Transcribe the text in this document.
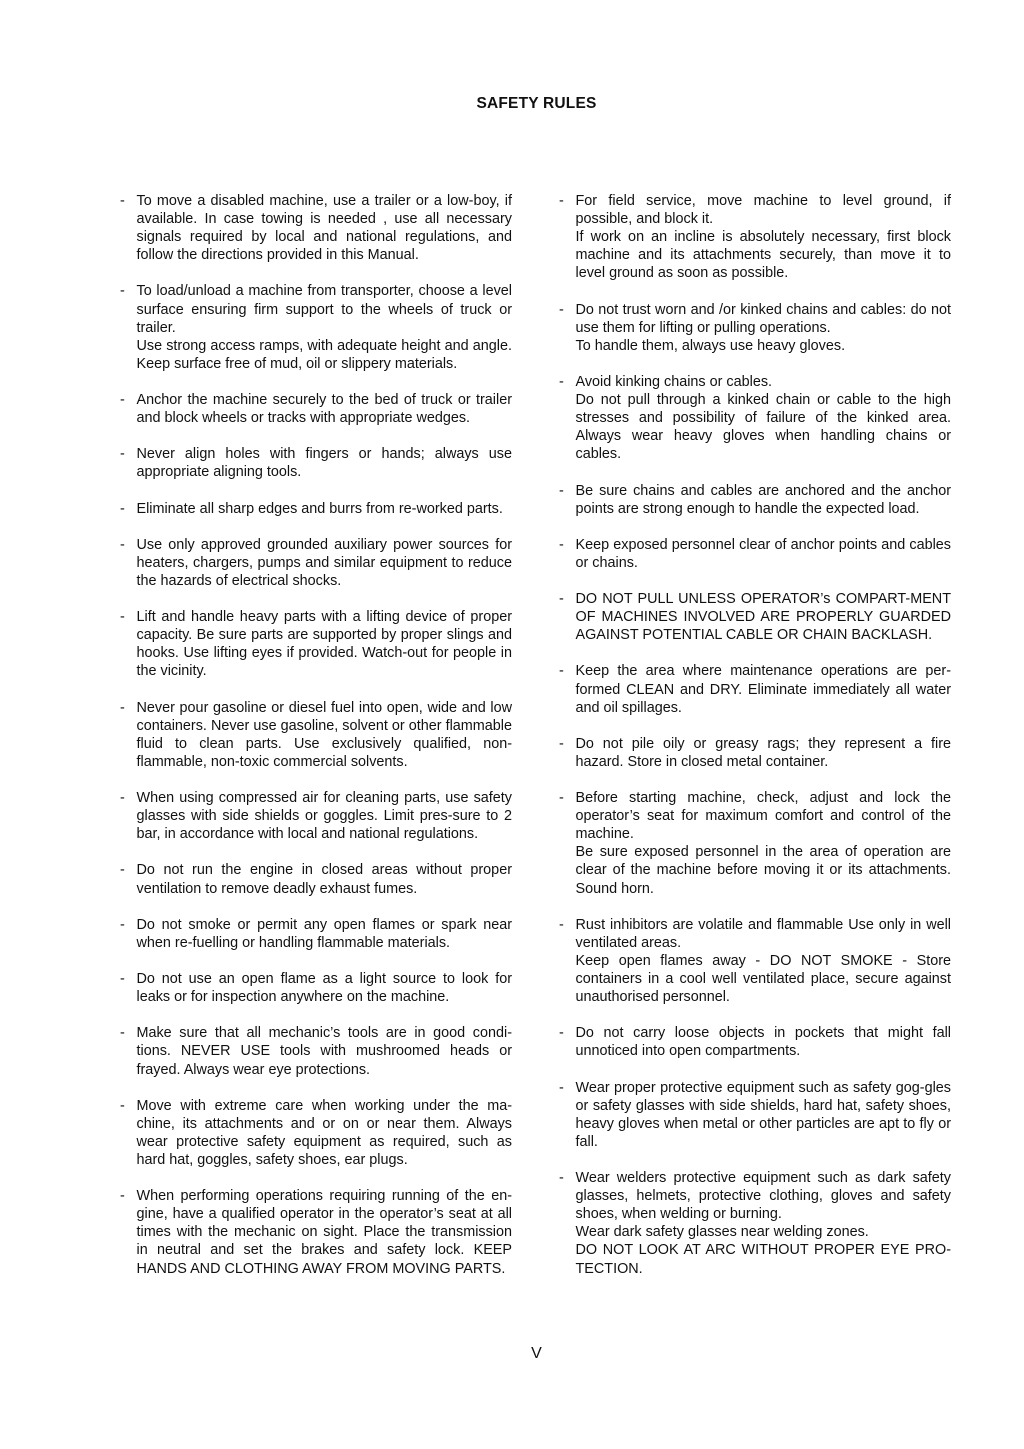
SAFETY RULES
- To move a disabled machine, use a trailer or a low-boy, if available. In case towing is needed , use all necessary signals required by local and national regulations, and follow the directions provided in this Manual.

- To load/unload a machine from transporter, choose a level surface ensuring firm support to the wheels of truck or trailer.

Use strong access ramps, with adequate height and angle. Keep surface free of mud, oil or slippery materials.

- Anchor the machine securely to the bed of truck or trailer and block wheels or tracks with appropriate wedges.

- Never align holes with fingers or hands; always use appropriate aligning tools.

- Eliminate all sharp edges and burrs from re-worked parts.

- Use only approved grounded auxiliary power sources for heaters, chargers, pumps and similar equipment to reduce the hazards of electrical shocks.

- Lift and handle heavy parts with a lifting device of proper capacity. Be sure parts are supported by proper slings and hooks. Use lifting eyes if provided. Watch-out for people in the vicinity.

- Never pour gasoline or diesel fuel into open, wide and low containers. Never use gasoline, solvent or other flammable fluid to clean parts. Use exclusively qualified, non-flammable, non-toxic commercial solvents.

- When using compressed air for cleaning parts, use safety glasses with side shields or goggles. Limit pres-sure to 2 bar, in accordance with local and national regulations.

- Do not run the engine in closed areas without proper ventilation to remove deadly exhaust fumes.

- Do not smoke or permit any open flames or spark near when re-fuelling or handling flammable materials.

- Do not use an open flame as a light source to look for leaks or for inspection anywhere on the machine.

- Make sure that all mechanic’s tools are in good condi-tions. NEVER USE tools with mushroomed heads or frayed. Always wear eye protections.

- Move with extreme care when working under the ma-chine, its attachments and or on or near them. Always wear protective safety equipment as required, such as hard hat, goggles, safety shoes, ear plugs.

- When performing operations requiring running of the en-gine, have a qualified operator in the operator’s seat at all times with the mechanic on sight. Place the transmission in neutral and set the brakes and safety lock. KEEP HANDS AND CLOTHING AWAY FROM MOVING PARTS.

- For field service, move machine to level ground, if possible, and block it.

If work on an incline is absolutely necessary, first block machine and its attachments securely, than move it to level ground as soon as possible.

- Do not trust worn and /or kinked chains and cables: do not use them for lifting or pulling operations.

To handle them, always use heavy gloves.

- Avoid kinking chains or cables.

Do not pull through a kinked chain or cable to the high stresses and possibility of failure of the kinked area. Always wear heavy gloves when handling chains or cables.

- Be sure chains and cables are anchored and the anchor points are strong enough to handle the expected load.

- Keep exposed personnel clear of anchor points and cables or chains.

- DO NOT PULL UNLESS OPERATOR’s COMPART-MENT OF MACHINES INVOLVED ARE PROPERLY GUARDED AGAINST POTENTIAL CABLE OR CHAIN BACKLASH.

- Keep the area where maintenance operations are per-formed CLEAN and DRY. Eliminate immediately all water and oil spillages.

- Do not pile oily or greasy rags; they represent a fire hazard. Store in closed metal container.

- Before starting machine, check, adjust and lock the operator’s seat for maximum comfort and control of the machine.

Be sure exposed personnel in the area of operation are clear of the machine before moving it or its attachments. Sound horn.

- Rust inhibitors are volatile and flammable Use only in well ventilated areas.

Keep open flames away - DO NOT SMOKE - Store containers in a cool well ventilated place, secure against unauthorised personnel.

- Do not carry loose objects in pockets that might fall unnoticed into open compartments.

- Wear proper protective equipment such as safety gog-gles or safety glasses with side shields, hard hat, safety shoes, heavy gloves when metal or other particles are apt to fly or fall.

- Wear welders protective equipment such as dark safety glasses, helmets, protective clothing, gloves and safety shoes, when welding or burning.

Wear dark safety glasses near welding zones.

DO NOT LOOK AT ARC WITHOUT PROPER EYE PRO-TECTION.

V
